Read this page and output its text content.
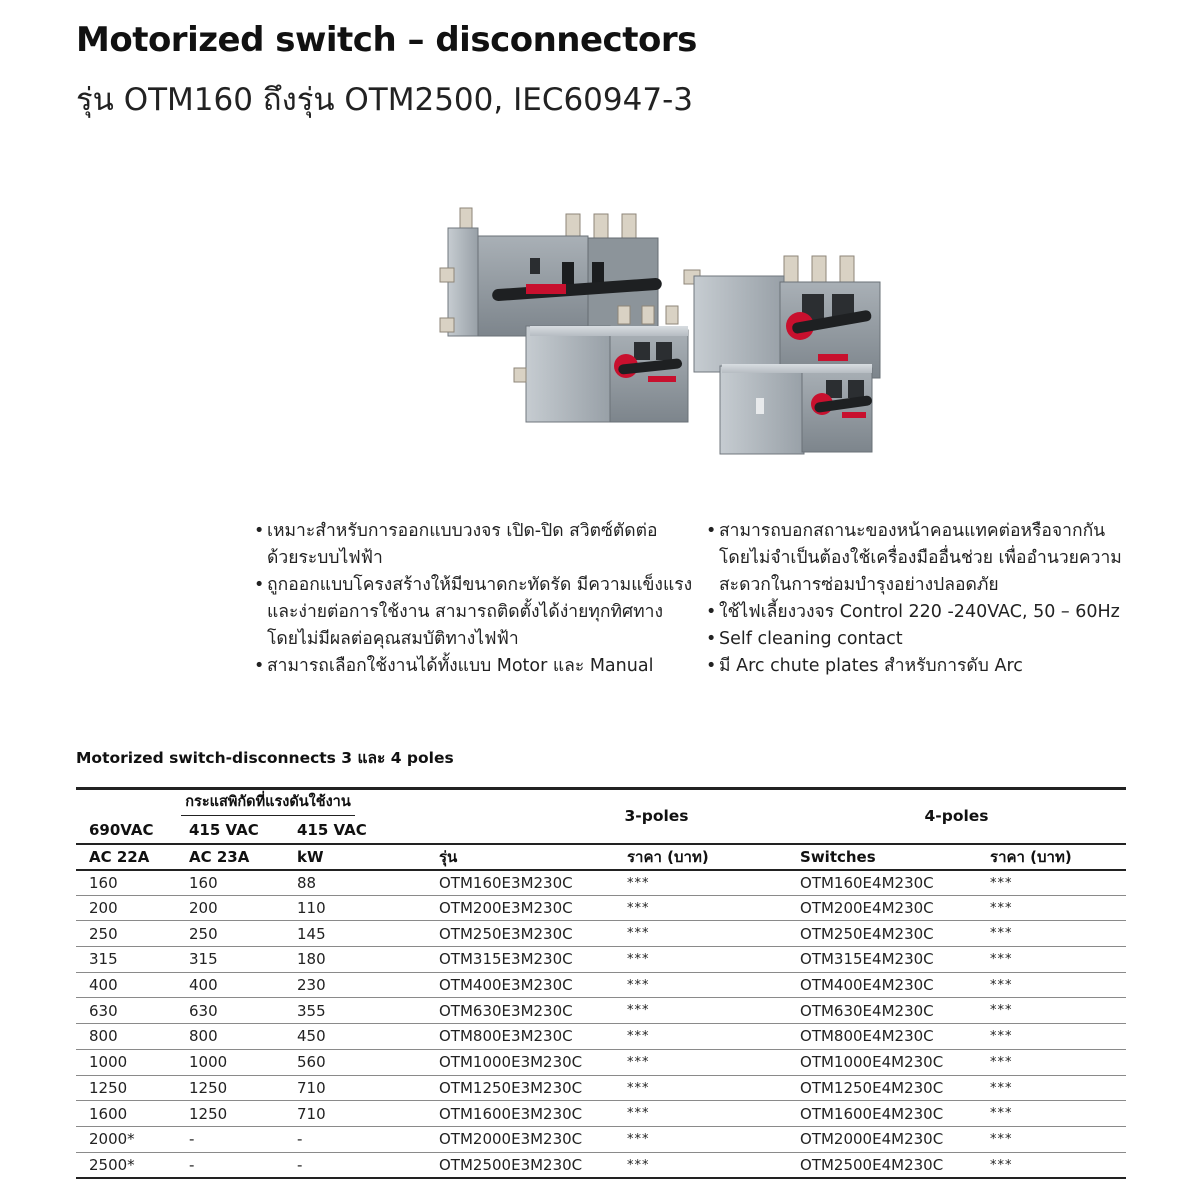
Motorized switch – disconnectors
รุ่น OTM160 ถึงรุ่น OTM2500, IEC60947-3
• เหมาะสำหรับการออกแบบวงจร เปิด-ปิด สวิตซ์ตัดต่อ
ด้วยระบบไฟฟ้า
• ถูกออกแบบโครงสร้างให้มีขนาดกะทัดรัด มีความแข็งแรง
และง่ายต่อการใช้งาน สามารถติดตั้งได้ง่ายทุกทิศทาง
โดยไม่มีผลต่อคุณสมบัติทางไฟฟ้า
• สามารถเลือกใช้งานได้ทั้งแบบ Motor และ Manual
• สามารถบอกสถานะของหน้าคอนแทคต่อหรือจากกัน
โดยไม่จำเป็นต้องใช้เครื่องมืออื่นช่วย เพื่ออำนวยความ
สะดวกในการซ่อมบำรุงอย่างปลอดภัย
• ใช้ไฟเลี้ยงวงจร Control 220 -240VAC, 50 – 60Hz
• Self cleaning contact
• มี Arc chute plates สำหรับการดับ Arc
Motorized switch-disconnects 3 และ 4 poles
กระแสพิกัดที่แรงดันใช้งาน			3-poles		4-poles	
690VAC	415 VAC	415 VAC				
AC 22A	AC 23A	kW	รุ่น	ราคา (บาท)	Switches	ราคา (บาท)
160	160	88	OTM160E3M230C	***	OTM160E4M230C	***
200	200	110	OTM200E3M230C	***	OTM200E4M230C	***
250	250	145	OTM250E3M230C	***	OTM250E4M230C	***
315	315	180	OTM315E3M230C	***	OTM315E4M230C	***
400	400	230	OTM400E3M230C	***	OTM400E4M230C	***
630	630	355	OTM630E3M230C	***	OTM630E4M230C	***
800	800	450	OTM800E3M230C	***	OTM800E4M230C	***
1000	1000	560	OTM1000E3M230C	***	OTM1000E4M230C	***
1250	1250	710	OTM1250E3M230C	***	OTM1250E4M230C	***
1600	1250	710	OTM1600E3M230C	***	OTM1600E4M230C	***
2000*	-	-	OTM2000E3M230C	***	OTM2000E4M230C	***
2500*	-	-	OTM2500E3M230C	***	OTM2500E4M230C	***
